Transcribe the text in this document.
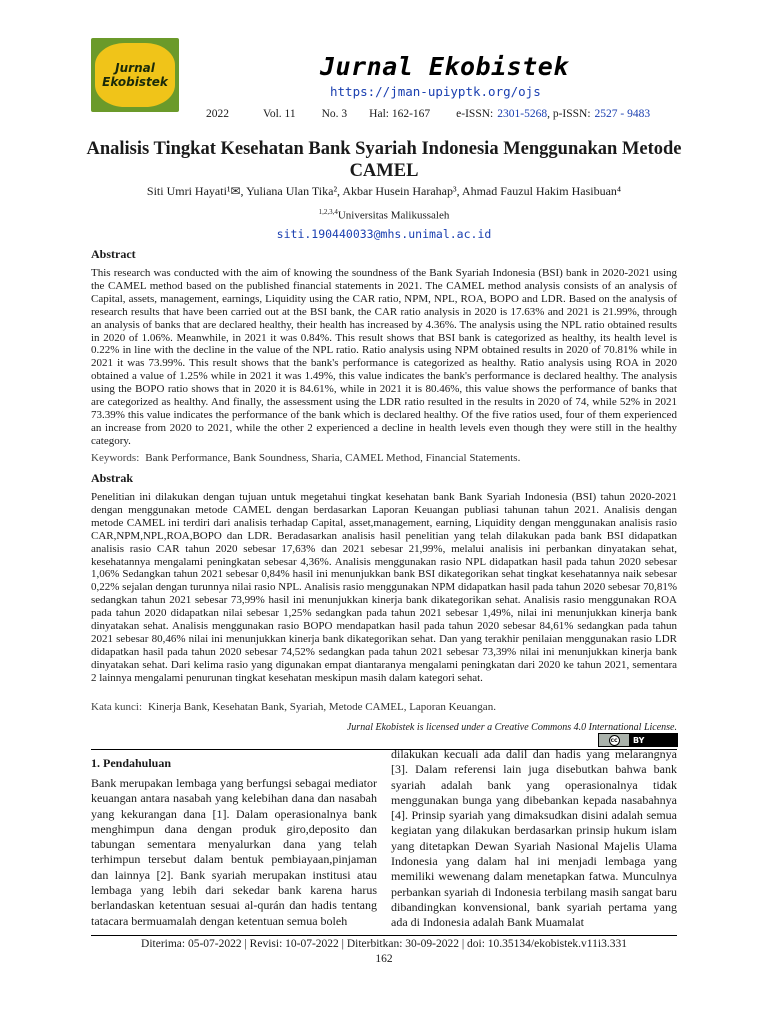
Jurnal
Ekobistek
Jurnal Ekobistek
https://jman-upiyptk.org/ojs
2022	Vol. 11 No. 3 Hal: 162-167 e-ISSN: 2301-5268 , p-ISSN: 2527 - 9483
Analisis Tingkat Kesehatan Bank Syariah Indonesia Menggunakan Metode CAMEL
Siti Umri Hayati¹✉, Yuliana Ulan Tika², Akbar Husein Harahap³, Ahmad Fauzul Hakim Hasibuan⁴
$^{1,2,3,4}$Universitas Malikussaleh
siti.190440033@mhs.unimal.ac.id
Abstract
This research was conducted with the aim of knowing the soundness of the Bank Syariah Indonesia (BSI) bank in 2020-2021 using the CAMEL method based on the published financial statements in 2021. The CAMEL method analysis consists of an analysis of Capital, assets, management, earnings, Liquidity using the CAR ratio, NPM, NPL, ROA, BOPO and LDR. Based on the analysis of research results that have been carried out at the BSI bank, the CAR ratio analysis in 2020 is 17.63% and 2021 is 21.99%, through an analysis of banks that are declared healthy, their health has increased by 4.36%. The analysis using the NPL ratio obtained results in 2020 of 1.06%. Meanwhile, in 2021 it was 0.84%. This result shows that BSI bank is categorized as healthy, its health level is 0.22% in line with the decline in the value of the NPL ratio. Ratio analysis using NPM obtained results in 2020 of 70.81% while in 2021 it was 73.99%. This result shows that the bank's performance is categorized as healthy. Ratio analysis using ROA in 2020 obtained a value of 1.25% while in 2021 it was 1.49%, this value indicates the bank's performance is declared healthy. The analysis using the BOPO ratio shows that in 2020 it is 84.61%, while in 2021 it is 80.46%, this value shows the performance of banks that are categorized as healthy. And finally, the assessment using the LDR ratio resulted in the results in 2020 of 74, while 52% in 2021 73.39% this value indicates the performance of the bank which is declared healthy. Of the five ratios used, four of them experienced an increase from 2020 to 2021, while the other 2 experienced a decline in health levels even though they were still in the healthy category.
Keywords: Bank Performance, Bank Soundness, Sharia, CAMEL Method, Financial Statements.
Abstrak
Penelitian ini dilakukan dengan tujuan untuk megetahui tingkat kesehatan bank Bank Syariah Indonesia (BSI) tahun 2020-2021 dengan menggunakan metode CAMEL dengan berdasarkan Laporan Keuangan publiasi tahunan tahun 2021. Analisis dengan metode CAMEL ini terdiri dari analisis terhadap Capital, asset,management, earning, Liquidity dengan menggunakan analisis rasio CAR,NPM,NPL,ROA,BOPO dan LDR. Beradasarkan analisis hasil penelitian yang telah dilakukan pada bank BSI didapatkan analisis rasio CAR tahun 2020 sebesar 17,63% dan 2021 sebesar 21,99%, melalui analisis ini perbankan dinyatakan sehat, kesehatannya mengalami peningkatan sebesar 4,36%. Analisis menggunakan rasio NPL didapatkan hasil pada tahun 2020 sebesar 1,06% Sedangkan tahun 2021 sebesar 0,84% hasil ini menunjukkan bank BSI dikategorikan sehat tingkat kesehatannya naik sebesar 0,22% sejalan dengan turunnya nilai rasio NPL. Analisis rasio menggunakan NPM didapatkan hasil pada tahun 2020 sebesar 70,81% sedangkan tahun 2021 sebesar 73,99% hasil ini menunjukkan kinerja bank dikategorikan sehat. Analisis rasio menggunakan ROA pada tahun 2020 didapatkan nilai sebesar 1,25% sedangkan pada tahun 2021 sebesar 1,49%, nilai ini menunjukkan kinerja bank dinyatakan sehat. Analisis menggunakan rasio BOPO mendapatkan hasil pada tahun 2020 sebesar 84,61% sedangkan pada tahun 2021 sebesar 80,46% nilai ini menunjukkan kinerja bank dikategorikan sehat. Dan yang terakhir penilaian menggunakan rasio LDR didapatkan hasil pada tahun 2020 sebesar 74,52% sedangkan pada tahun 2021 sebesar 73,39% nilai ini menunjukkan kinerja bank dinyatakan sehat. Dari kelima rasio yang digunakan empat diantaranya mengalami peningkatan dari 2020 ke tahun 2021, sementara 2 lainnya mengalami penurunan tingkat kesehatan meskipun masih dalam kategori sehat.
Kata kunci: Kinerja Bank, Kesehatan Bank, Syariah, Metode CAMEL, Laporan Keuangan.
Jurnal Ekobistek is licensed under a Creative Commons 4.0 International License.
cc	BY
1. Pendahuluan
Bank merupakan lembaga yang berfungsi sebagai mediator keuangan antara nasabah yang kelebihan dana dan nasabah yang kekurangan dana [1]. Dalam operasionalnya bank menghimpun dana dengan produk giro,deposito dan tabungan sementara menyalurkan dana yang telah terhimpun tersebut dalam bentuk pembiayaan,pinjaman dan lainnya [2]. Bank syariah merupakan institusi atau lembaga yang lebih dari sekedar bank karena harus berlandaskan ketentuan sesuai al-qurán dan hadis tentang tatacara bermuamalah dengan ketentuan semua boleh
dilakukan kecuali ada dalil dan hadis yang melarangnya [3]. Dalam referensi lain juga disebutkan bahwa bank syariah adalah bank yang operasionalnya tidak menggunakan bunga yang dibebankan kepada nasabahnya [4]. Prinsip syariah yang dimaksudkan disini adalah semua kegiatan yang dilakukan berdasarkan prinsip hukum islam yang ditetapkan Dewan Syariah Nasional Majelis Ulama Indonesia yang dalam hal ini menjadi lembaga yang memiliki wewenang dalam menetapkan fatwa. Munculnya perbankan syariah di Indonesia terbilang masih sangat baru dibandingkan konvensional, bank syariah pertama yang ada di Indonesia adalah Bank Muamalat
Diterima: 05-07-2022 | Revisi: 10-07-2022 | Diterbitkan: 30-09-2022 | doi: 10.35134/ekobistek.v11i3.331
162
